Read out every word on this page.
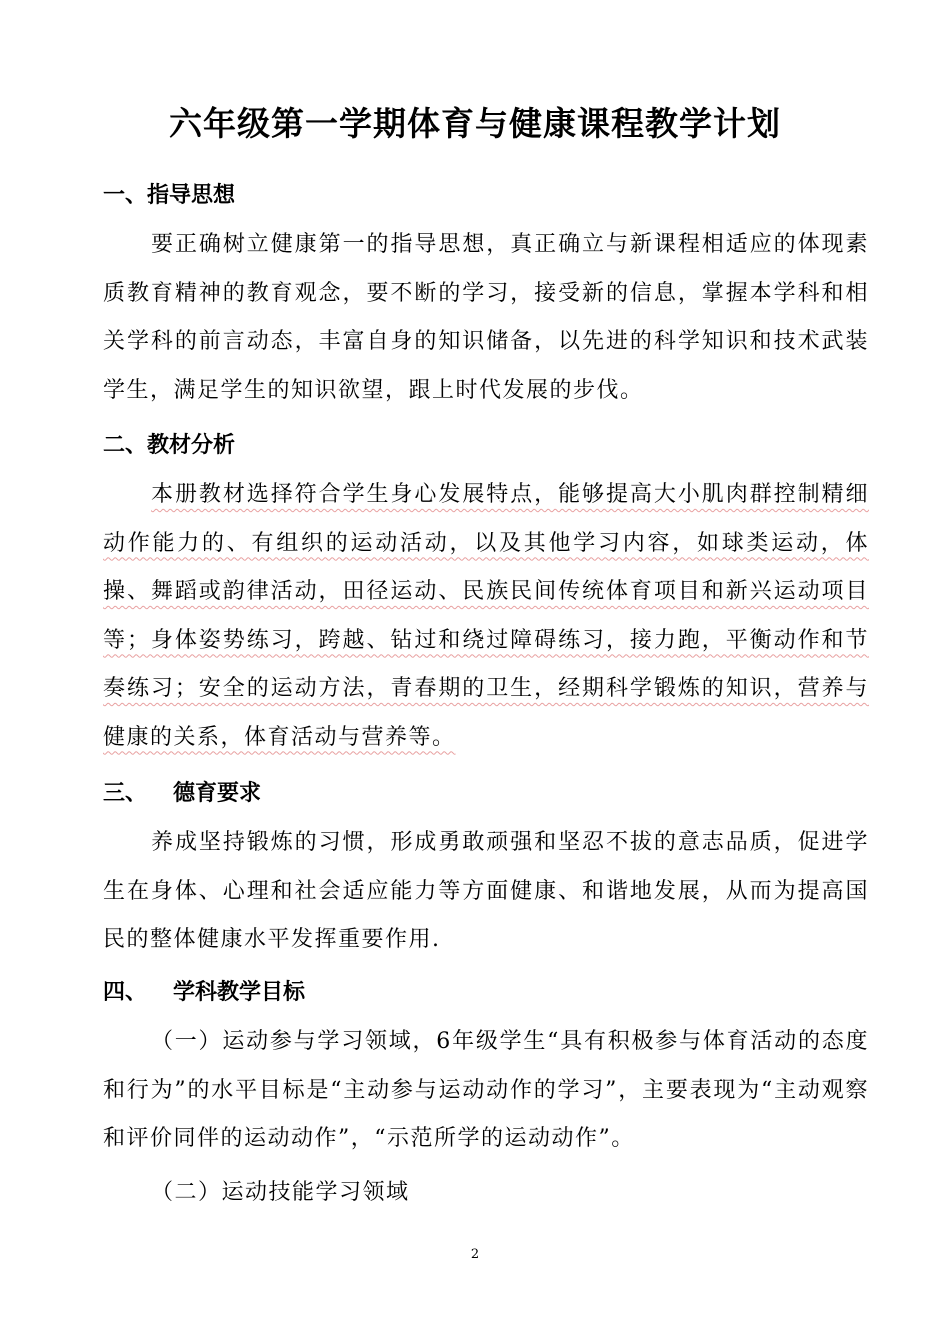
六年级第一学期体育与健康课程教学计划
一、指导思想
要正确树立健康第一的指导思想，真正确立与新课程相适应的体现素质教育精神的教育观念，要不断的学习，接受新的信息，掌握本学科和相关学科的前言动态，丰富自身的知识储备，以先进的科学知识和技术武装学生，满足学生的知识欲望，跟上时代发展的步伐。
二、教材分析
本册教材选择符合学生身心发展特点，能够提高大小肌肉群控制精细动作能力的、有组织的运动活动，以及其他学习内容，如球类运动，体操、舞蹈或韵律活动，田径运动、民族民间传统体育项目和新兴运动项目等；身体姿势练习，跨越、钻过和绕过障碍练习，接力跑，平衡动作和节奏练习；安全的运动方法，青春期的卫生，经期科学锻炼的知识，营养与健康的关系，体育活动与营养等。
三、 德育要求
养成坚持锻炼的习惯，形成勇敢顽强和坚忍不拔的意志品质，促进学生在身体、心理和社会适应能力等方面健康、和谐地发展，从而为提高国民的整体健康水平发挥重要作用.
四、 学科教学目标
（一）运动参与学习领域，6年级学生“具有积极参与体育活动的态度和行为”的水平目标是“主动参与运动动作的学习”，主要表现为“主动观察和评价同伴的运动动作”，“示范所学的运动动作”。
（二）运动技能学习领域
2
